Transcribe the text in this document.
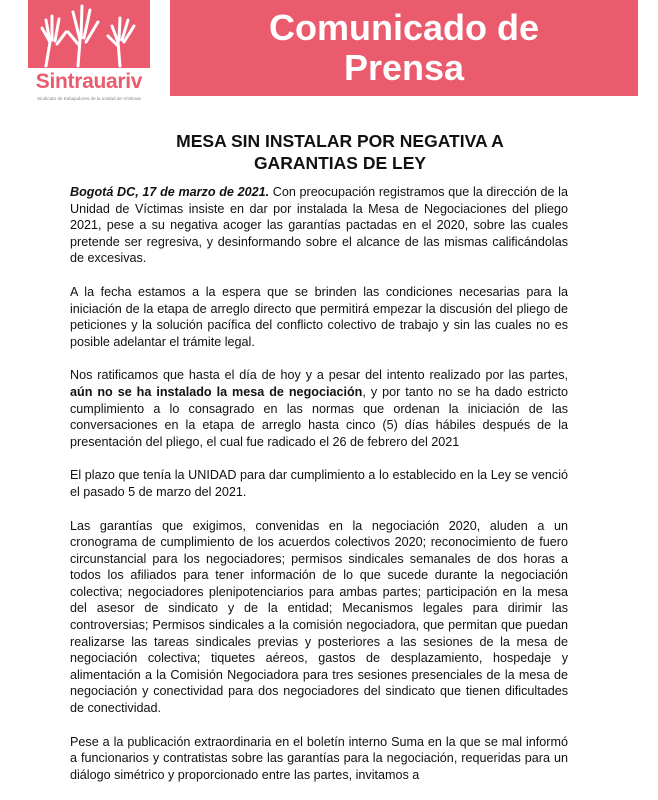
Sintrauariv
Sindicato de trabajadores de la unidad de Víctimas
Comunicado de
Prensa
MESA SIN INSTALAR POR NEGATIVA A
GARANTIAS DE LEY

Bogotá DC, 17 de marzo de 2021. Con preocupación registramos que la dirección de la Unidad de Víctimas insiste en dar por instalada la Mesa de Negociaciones del pliego 2021, pese a su negativa acoger las garantías pactadas en el 2020, sobre las cuales pretende ser regresiva, y desinformando sobre el alcance de las mismas calificándolas de excesivas.

A la fecha estamos a la espera que se brinden las condiciones necesarias para la iniciación de la etapa de arreglo directo que permitirá empezar la discusión del pliego de peticiones y la solución pacífica del conflicto colectivo de trabajo y sin las cuales no es posible adelantar el trámite legal.

Nos ratificamos que hasta el día de hoy y a pesar del intento realizado por las partes, aún no se ha instalado la mesa de negociación, y por tanto no se ha dado estricto cumplimiento a lo consagrado en las normas que ordenan la iniciación de las conversaciones en la etapa de arreglo hasta cinco (5) días hábiles después de la presentación del pliego, el cual fue radicado el 26 de febrero del 2021

El plazo que tenía la UNIDAD para dar cumplimiento a lo establecido en la Ley se venció el pasado 5 de marzo del 2021.

Las garantías que exigimos, convenidas en la negociación 2020, aluden a un cronograma de cumplimiento de los acuerdos colectivos 2020; reconocimiento de fuero circunstancial para los negociadores; permisos sindicales semanales de dos horas a todos los afiliados para tener información de lo que sucede durante la negociación colectiva; negociadores plenipotenciarios para ambas partes; participación en la mesa del asesor de sindicato y de la entidad; Mecanismos legales para dirimir las controversias; Permisos sindicales a la comisión negociadora, que permitan que puedan realizarse las tareas sindicales previas y posteriores a las sesiones de la mesa de negociación colectiva; tiquetes aéreos, gastos de desplazamiento, hospedaje y alimentación a la Comisión Negociadora para tres sesiones presenciales de la mesa de negociación y conectividad para dos negociadores del sindicato que tienen dificultades de conectividad.

Pese a la publicación extraordinaria en el boletín interno Suma en la que se mal informó a funcionarios y contratistas sobre las garantías para la negociación, requeridas para un diálogo simétrico y proporcionado entre las partes, invitamos a
